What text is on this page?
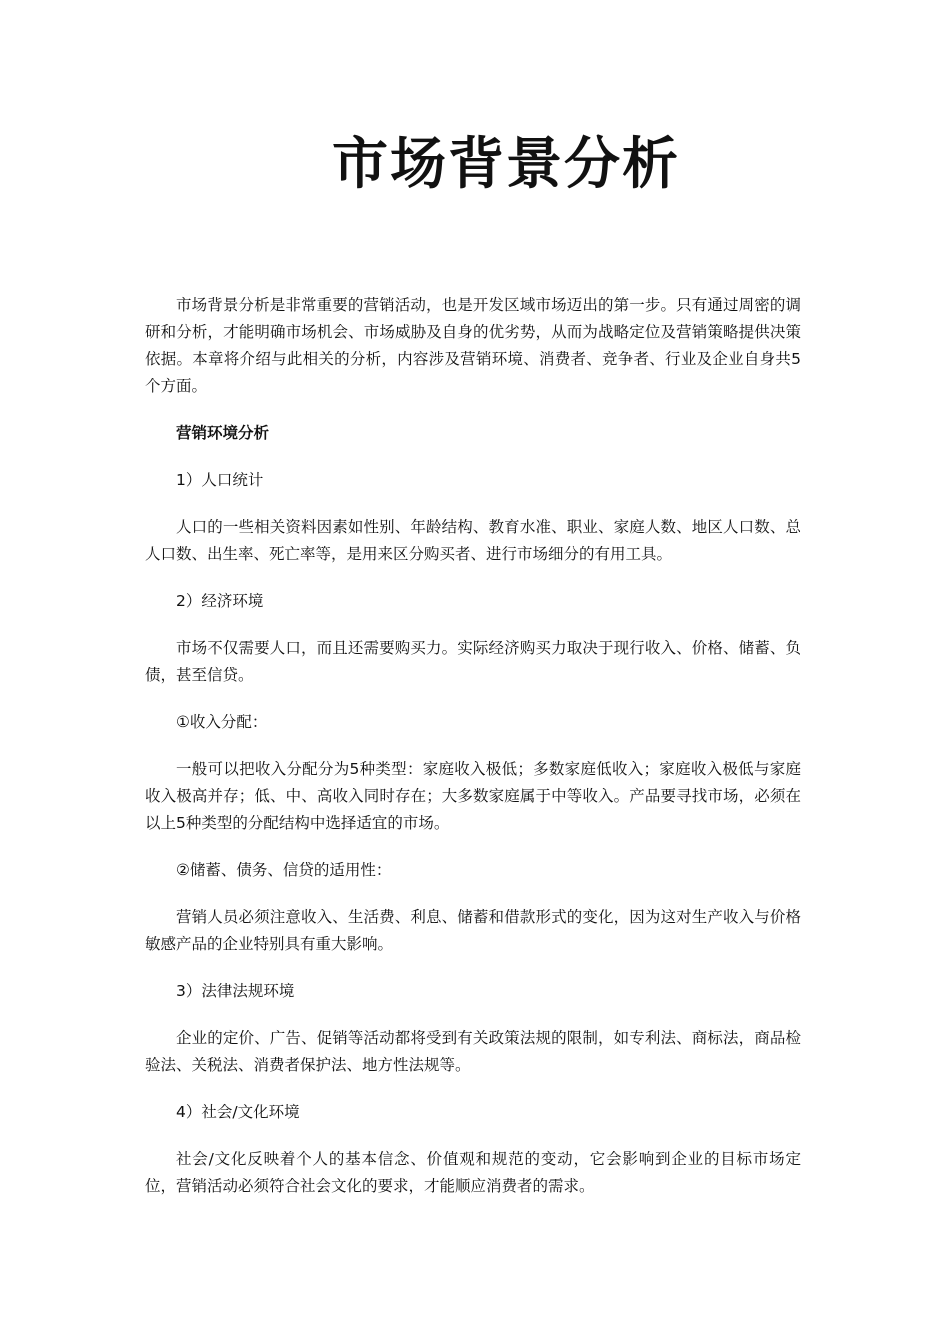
市场背景分析

市场背景分析是非常重要的营销活动，也是开发区域市场迈出的第一步。只有通过周密的调研和分析，才能明确市场机会、市场威胁及自身的优劣势，从而为战略定位及营销策略提供决策依据。本章将介绍与此相关的分析，内容涉及营销环境、消费者、竞争者、行业及企业自身共5个方面。

营销环境分析

1）人口统计

人口的一些相关资料因素如性别、年龄结构、教育水准、职业、家庭人数、地区人口数、总人口数、出生率、死亡率等，是用来区分购买者、进行市场细分的有用工具。

2）经济环境

市场不仅需要人口，而且还需要购买力。实际经济购买力取决于现行收入、价格、储蓄、负债，甚至信贷。

①收入分配：

一般可以把收入分配分为5种类型：家庭收入极低；多数家庭低收入；家庭收入极低与家庭收入极高并存；低、中、高收入同时存在；大多数家庭属于中等收入。产品要寻找市场，必须在以上5种类型的分配结构中选择适宜的市场。

②储蓄、债务、信贷的适用性：

营销人员必须注意收入、生活费、利息、储蓄和借款形式的变化，因为这对生产收入与价格敏感产品的企业特别具有重大影响。

3）法律法规环境

企业的定价、广告、促销等活动都将受到有关政策法规的限制，如专利法、商标法，商品检验法、关税法、消费者保护法、地方性法规等。

4）社会/文化环境

社会/文化反映着个人的基本信念、价值观和规范的变动，它会影响到企业的目标市场定位，营销活动必须符合社会文化的要求，才能顺应消费者的需求。
